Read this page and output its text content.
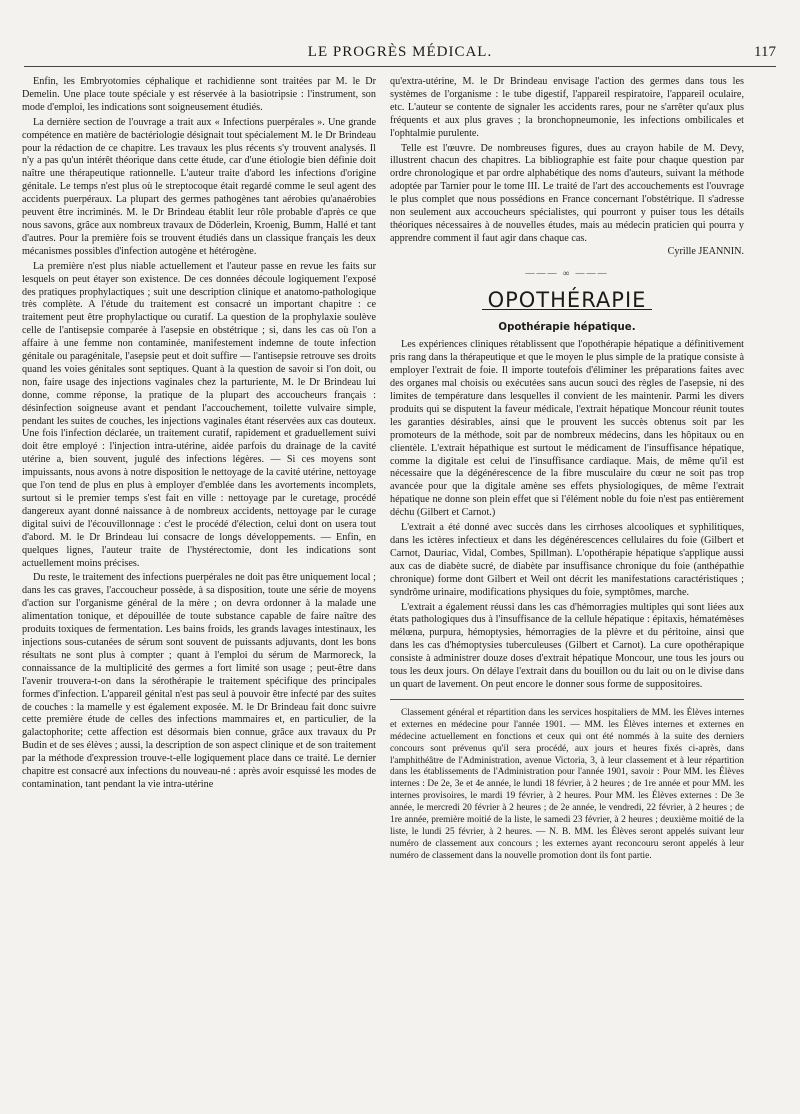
LE PROGRÈS MÉDICAL.	117

Enfin, les Embryotomies céphalique et rachidienne sont traitées par M. le Dr Demelin. Une place toute spéciale y est réservée à la basiotripsie : l'instrument, son mode d'emploi, les indications sont soigneusement étudiés.

La dernière section de l'ouvrage a trait aux « Infections puerpérales ». Une grande compétence en matière de bactériologie désignait tout spécialement M. le Dr Brindeau pour la rédaction de ce chapitre. Les travaux les plus récents s'y trouvent analysés. Il n'y a pas qu'un intérêt théorique dans cette étude, car d'une étiologie bien définie doit naître une thérapeutique rationnelle. L'auteur traite d'abord les infections d'origine génitale. Le temps n'est plus où le streptocoque était regardé comme le seul agent des accidents puerpéraux. La plupart des germes pathogènes tant aérobies qu'anaérobies peuvent être incriminés. M. le Dr Brindeau établit leur rôle probable d'après ce que nous savons, grâce aux nombreux travaux de Döderlein, Kroenig, Bumm, Hallé et tant d'autres. Pour la première fois se trouvent étudiés dans un classique français les deux mécanismes possibles d'infection autogène et hétérogène.

La première n'est plus niable actuellement et l'auteur passe en revue les faits sur lesquels on peut étayer son existence. De ces données découle logiquement l'exposé des pratiques prophylactiques ; suit une description clinique et anatomo-pathologique très complète. A l'étude du traitement est consacré un important chapitre : ce traitement peut être prophylactique ou curatif. La question de la prophylaxie soulève celle de l'antisepsie comparée à l'asepsie en obstétrique ; si, dans les cas où l'on a affaire à une femme non contaminée, manifestement indemne de toute infection génitale ou paragénitale, l'asepsie peut et doit suffire — l'antisepsie retrouve ses droits quand les voies génitales sont septiques. Quant à la question de savoir si l'on doit, ou non, faire usage des injections vaginales chez la parturiente, M. le Dr Brindeau lui donne, comme réponse, la pratique de la plupart des accoucheurs français : désinfection soigneuse avant et pendant l'accouchement, toilette vulvaire simple, pendant les suites de couches, les injections vaginales étant réservées aux cas douteux. Une fois l'infection déclarée, un traitement curatif, rapidement et graduellement suivi doit être employé : l'injection intra-utérine, aidée parfois du drainage de la cavité utérine a, bien souvent, jugulé des infections légères. — Si ces moyens sont impuissants, nous avons à notre disposition le nettoyage de la cavité utérine, nettoyage que l'on tend de plus en plus à employer d'emblée dans les avortements incomplets, surtout si le premier temps s'est fait en ville : nettoyage par le curetage, procédé dangereux ayant donné naissance à de nombreux accidents, nettoyage par le curage digital suivi de l'écouvillonnage : c'est le procédé d'élection, celui dont on usera tout d'abord. M. le Dr Brindeau lui consacre de longs développements. — Enfin, en quelques lignes, l'auteur traite de l'hystérectomie, dont les indications sont actuellement moins précises.

Du reste, le traitement des infections puerpérales ne doit pas être uniquement local ; dans les cas graves, l'accoucheur possède, à sa disposition, toute une série de moyens d'action sur l'organisme général de la mère ; on devra ordonner à la malade une alimentation tonique, et dépouillée de toute substance capable de faire naître des produits toxiques de fermentation. Les bains froids, les grands lavages intestinaux, les injections sous-cutanées de sérum sont souvent de puissants adjuvants, dont les bons résultats ne sont plus à compter ; quant à l'emploi du sérum de Marmoreck, la connaissance de la multiplicité des germes a fort limité son usage ; peut-être dans l'avenir trouvera-t-on dans la sérothérapie le traitement spécifique des principales formes d'infection. L'appareil génital n'est pas seul à pouvoir être infecté par des suites de couches : la mamelle y est également exposée. M. le Dr Brindeau fait donc suivre cette première étude de celles des infections mammaires et, en particulier, de la galactophorite; cette affection est désormais bien connue, grâce aux travaux du Pr Budin et de ses élèves ; aussi, la description de son aspect clinique et de son traitement par la méthode d'expression trouve-t-elle logiquement place dans ce traité. Le dernier chapitre est consacré aux infections du nouveau-né : après avoir esquissé les modes de contamination, tant pendant la vie intra-utérine

qu'extra-utérine, M. le Dr Brindeau envisage l'action des germes dans tous les systèmes de l'organisme : le tube digestif, l'appareil respiratoire, l'appareil oculaire, etc. L'auteur se contente de signaler les accidents rares, pour ne s'arrêter qu'aux plus fréquents et aux plus graves ; la bronchopneumonie, les infections ombilicales et l'ophtalmie purulente.

Telle est l'œuvre. De nombreuses figures, dues au crayon habile de M. Devy, illustrent chacun des chapitres. La bibliographie est faite pour chaque question par ordre chronologique et par ordre alphabétique des noms d'auteurs, suivant la méthode adoptée par Tarnier pour le tome III. Le traité de l'art des accouchements est l'ouvrage le plus complet que nous possédions en France concernant l'obstétrique. Il s'adresse non seulement aux accoucheurs spécialistes, qui pourront y puiser tous les détails théoriques nécessaires à de nouvelles études, mais au médecin praticien qui pourra y apprendre comment il faut agir dans chaque cas.

Cyrille JEANNIN.
——— ∞ ———
OPOTHÉRAPIE
Opothérapie hépatique.

Les expériences cliniques rétablissent que l'opothérapie hépatique a définitivement pris rang dans la thérapeutique et que le moyen le plus simple de la pratique consiste à employer l'extrait de foie. Il importe toutefois d'éliminer les préparations faites avec des organes mal choisis ou exécutées sans aucun souci des règles de l'asepsie, ni des limites de température dans lesquelles il convient de les maintenir. Parmi les divers produits qui se disputent la faveur médicale, l'extrait hépatique Moncour réunit toutes les garanties désirables, ainsi que le prouvent les succès obtenus soit par les promoteurs de la méthode, soit par de nombreux médecins, dans les hôpitaux ou en clientèle. L'extrait hépathique est surtout le médicament de l'insuffisance hépatique, comme la digitale est celui de l'insuffisance cardiaque. Mais, de même qu'il est nécessaire que la dégénérescence de la fibre musculaire du cœur ne soit pas trop avancée pour que la digitale amène ses effets physiologiques, de même l'extrait hépatique ne donne son plein effet que si l'élément noble du foie n'est pas entièrement déchu (Gilbert et Carnot.)

L'extrait a été donné avec succès dans les cirrhoses alcooliques et syphilitiques, dans les ictères infectieux et dans les dégénérescences cellulaires du foie (Gilbert et Carnot, Dauriac, Vidal, Combes, Spillman). L'opothérapie hépatique s'applique aussi aux cas de diabète sucré, de diabète par insuffisance chronique du foie (anthépathie chronique) forme dont Gilbert et Weil ont décrit les manifestations caractéristiques ; syndrôme urinaire, modifications physiques du foie, symptômes, marche.

L'extrait a également réussi dans les cas d'hémorragies multiples qui sont liées aux états pathologiques dus à l'insuffisance de la cellule hépatique : épitaxis, hématémèses mélœna, purpura, hémoptysies, hémorragies de la plèvre et du péritoine, ainsi que dans les cas d'hémoptysies tuberculeuses (Gilbert et Carnot). La cure opothérapique consiste à administrer douze doses d'extrait hépatique Moncour, une tous les jours ou tous les deux jours. On délaye l'extrait dans du bouillon ou du lait ou on le divise dans un quart de lavement. On peut encore le donner sous forme de suppositoires.

Classement général et répartition dans les services hospitaliers de MM. les Élèves internes et externes en médecine pour l'année 1901. — MM. les Élèves internes et externes en médecine actuellement en fonctions et ceux qui ont été nommés à la suite des derniers concours sont prévenus qu'il sera procédé, aux jours et heures fixés ci-après, dans l'amphithéâtre de l'Administration, avenue Victoria, 3, à leur classement et à leur répartition dans les établissements de l'Administration pour l'année 1901, savoir : Pour MM. les Élèves internes : De 2e, 3e et 4e année, le lundi 18 février, à 2 heures ; de 1re année et pour MM. les internes provisoires, le mardi 19 février, à 2 heures. Pour MM. les Élèves externes : De 3e année, le mercredi 20 février à 2 heures ; de 2e année, le vendredi, 22 février, à 2 heures ; de 1re année, première moitié de la liste, le samedi 23 février, à 2 heures ; deuxième moitié de la liste, le lundi 25 février, à 2 heures. — N. B. MM. les Élèves seront appelés suivant leur numéro de classement aux concours ; les externes ayant reconcouru seront appelés à leur numéro de classement dans la nouvelle promotion dont ils font partie.
